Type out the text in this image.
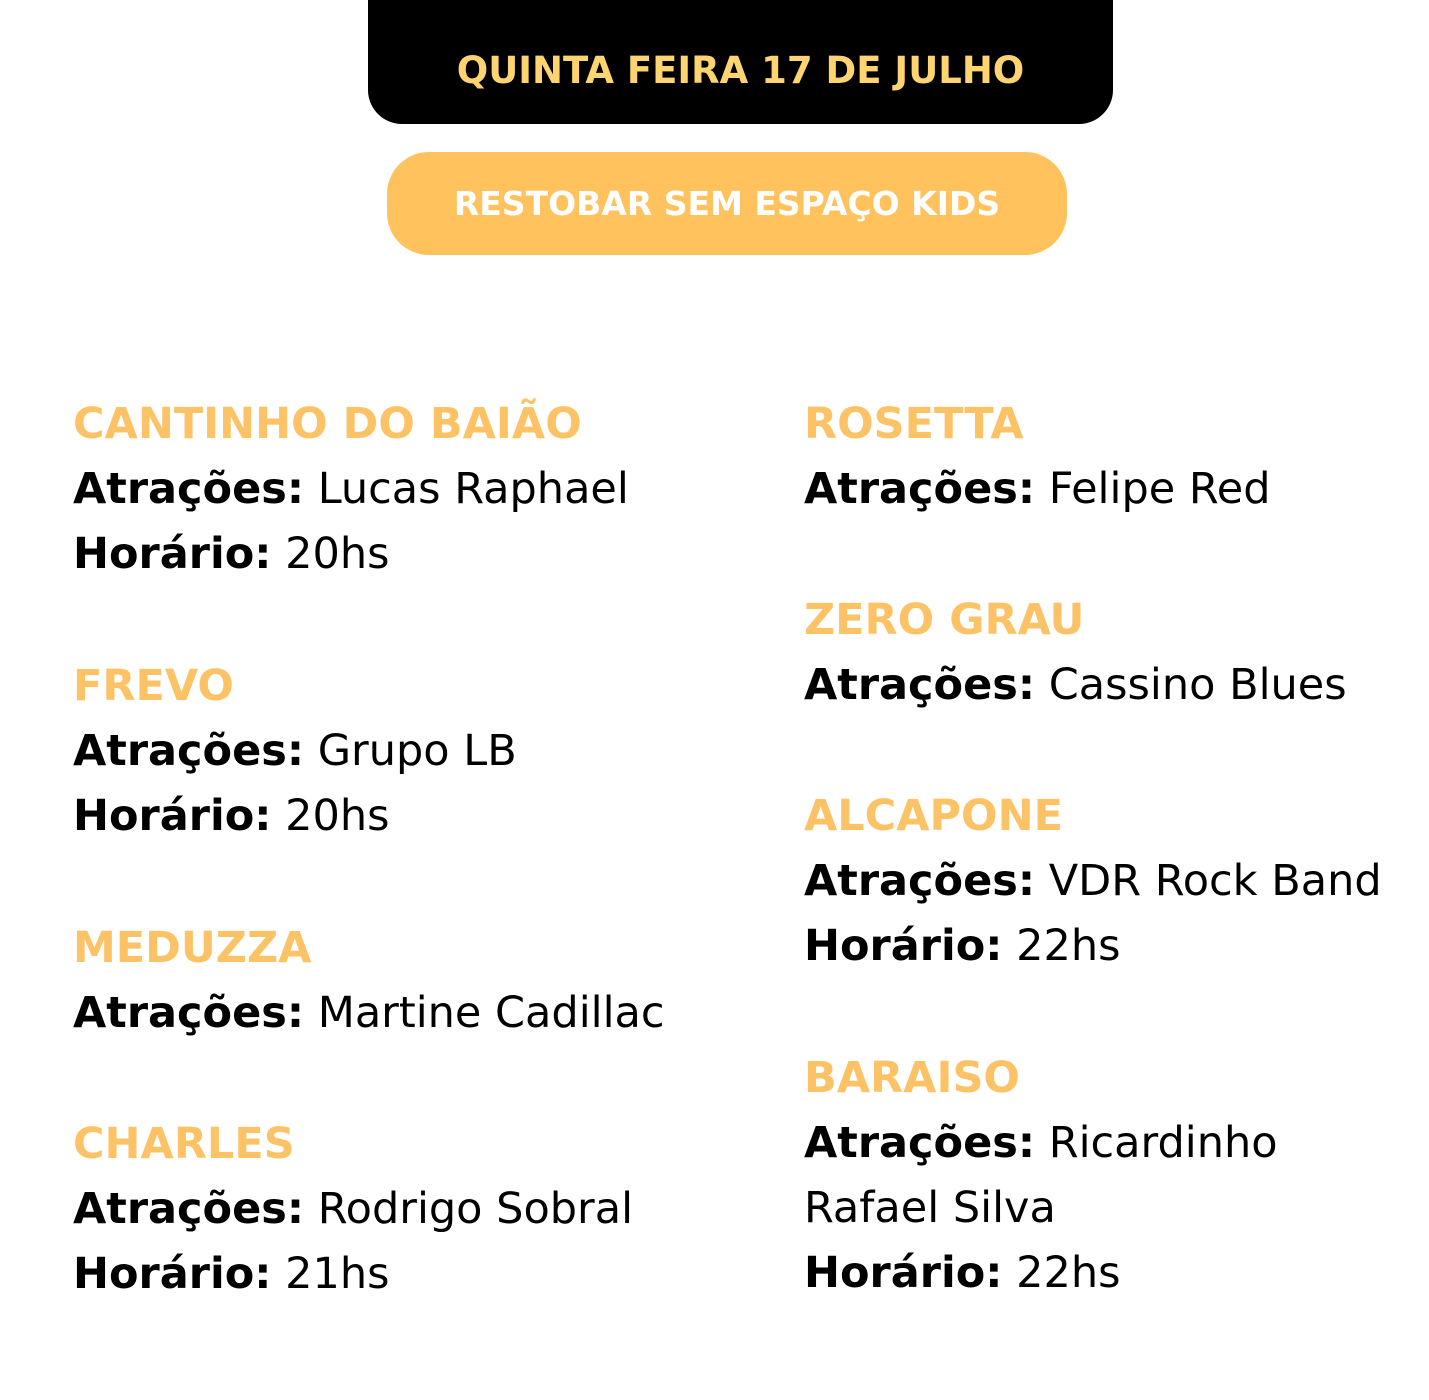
QUINTA FEIRA 17 DE JULHO
RESTOBAR SEM ESPAÇO KIDS
CANTINHO DO BAIÃO
Atrações: Lucas Raphael
Horário: 20hs
FREVO
Atrações: Grupo LB
Horário: 20hs
MEDUZZA
Atrações: Martine Cadillac
CHARLES
Atrações: Rodrigo Sobral
Horário: 21hs
ROSETTA
Atrações: Felipe Red
ZERO GRAU
Atrações: Cassino Blues
ALCAPONE
Atrações: VDR Rock Band
Horário: 22hs
BARAISO
Atrações: Ricardinho
Rafael Silva
Horário: 22hs
